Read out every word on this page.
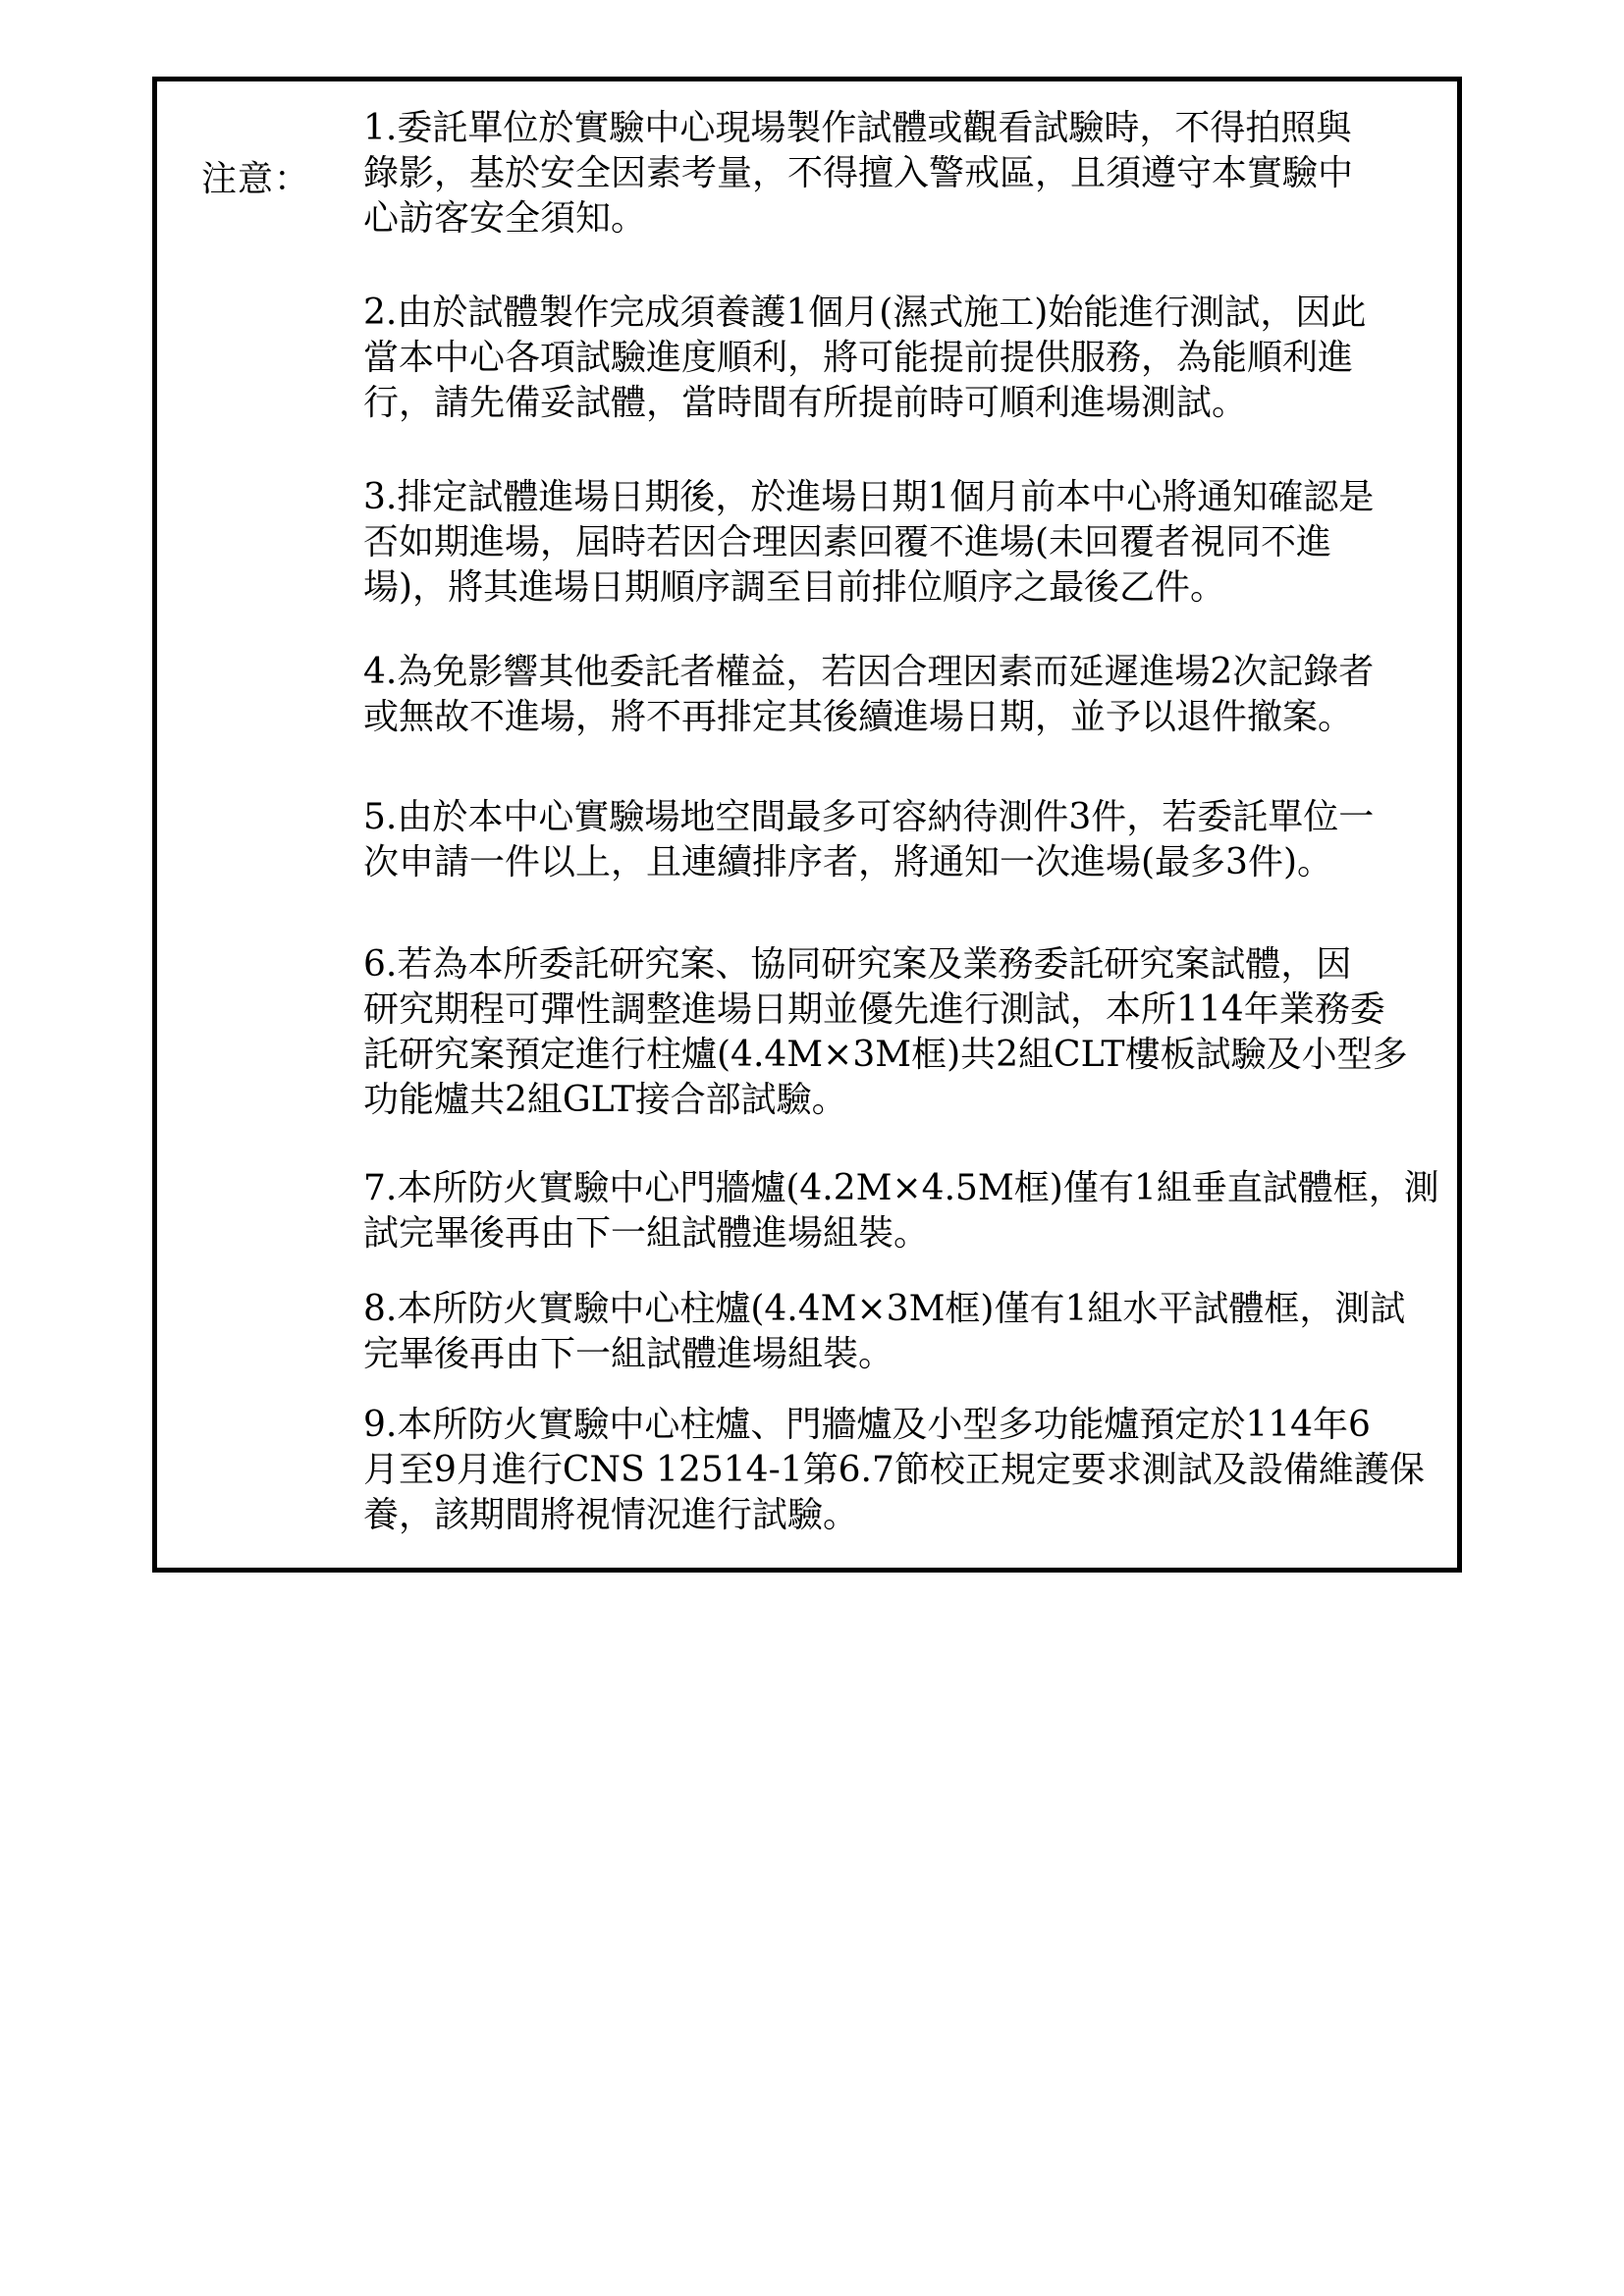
注意：
1.委託單位於實驗中心現場製作試體或觀看試驗時，不得拍照與
錄影，基於安全因素考量，不得擅入警戒區，且須遵守本實驗中
心訪客安全須知。
2.由於試體製作完成須養護1個月(濕式施工)始能進行測試，因此
當本中心各項試驗進度順利，將可能提前提供服務，為能順利進
行，請先備妥試體，當時間有所提前時可順利進場測試。
3.排定試體進場日期後，於進場日期1個月前本中心將通知確認是
否如期進場，屆時若因合理因素回覆不進場(未回覆者視同不進
場)，將其進場日期順序調至目前排位順序之最後乙件。
4.為免影響其他委託者權益，若因合理因素而延遲進場2次記錄者
或無故不進場，將不再排定其後續進場日期，並予以退件撤案。
5.由於本中心實驗場地空間最多可容納待測件3件，若委託單位一
次申請一件以上，且連續排序者，將通知一次進場(最多3件)。
6.若為本所委託研究案、協同研究案及業務委託研究案試體，因
研究期程可彈性調整進場日期並優先進行測試，本所114年業務委
託研究案預定進行柱爐(4.4M×3M框)共2組CLT樓板試驗及小型多
功能爐共2組GLT接合部試驗。
7.本所防火實驗中心門牆爐(4.2M×4.5M框)僅有1組垂直試體框，測
試完畢後再由下一組試體進場組裝。
8.本所防火實驗中心柱爐(4.4M×3M框)僅有1組水平試體框，測試
完畢後再由下一組試體進場組裝。
9.本所防火實驗中心柱爐、門牆爐及小型多功能爐預定於114年6
月至9月進行CNS 12514-1第6.7節校正規定要求測試及設備維護保
養，該期間將視情況進行試驗。
